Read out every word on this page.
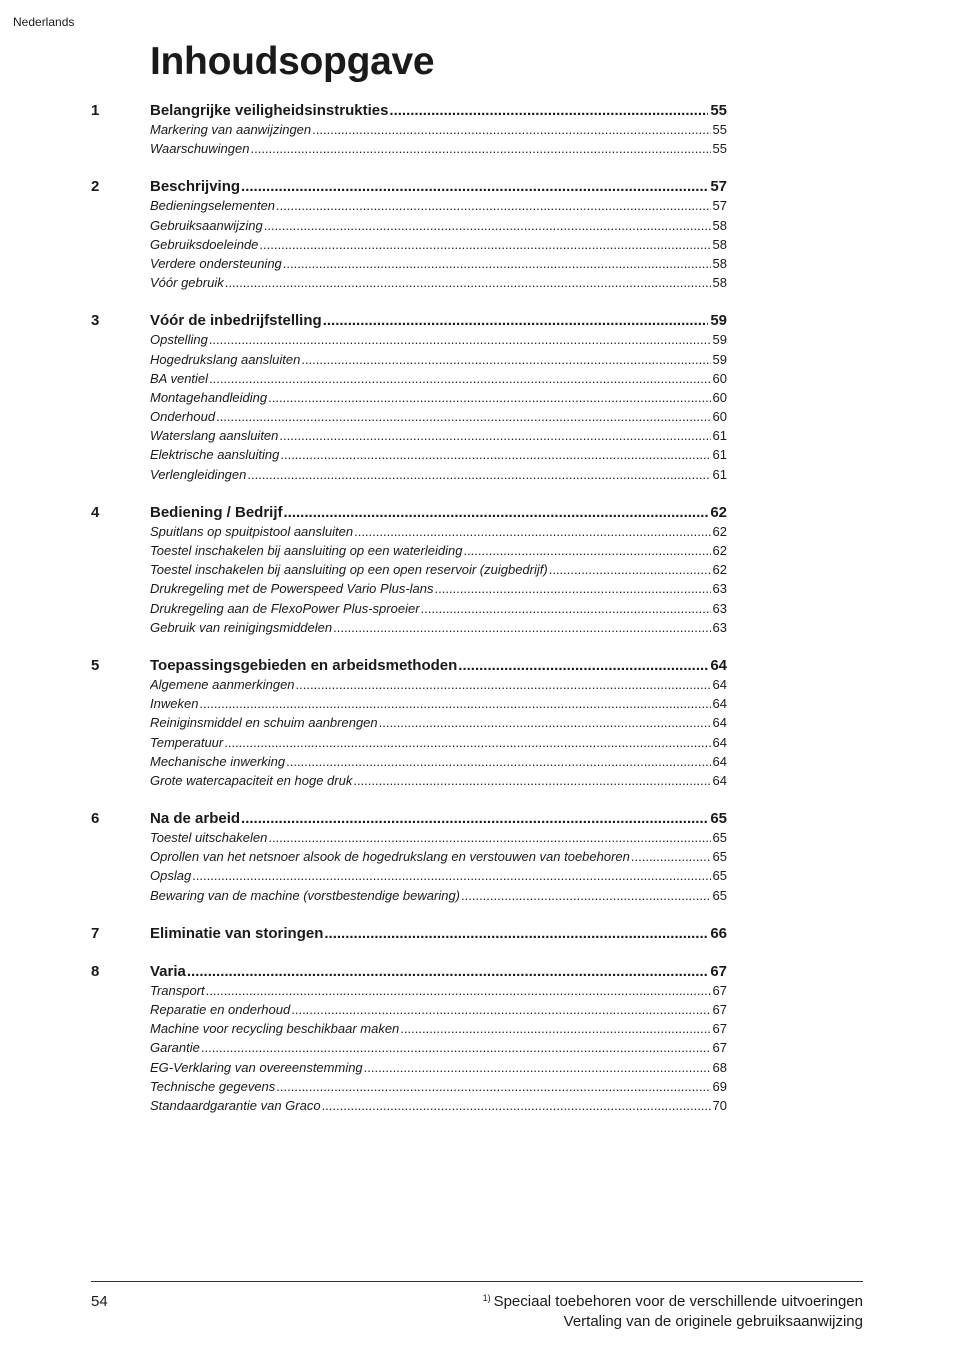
Nederlands
Inhoudsopgave
1	Belangrijke veiligheidsinstrukties .....	55
Markering van aanwijzingen .....	55
Waarschuwingen .....	55
2	Beschrijving .....	57
Bedieningselementen .....	57
Gebruiksaanwijzing .....	58
Gebruiksdoeleinde .....	58
Verdere ondersteuning .....	58
Vóór gebruik .....	58
3	Vóór de inbedrijfstelling .....	59
Opstelling .....	59
Hogedrukslang aansluiten .....	59
BA ventiel .....	60
Montagehandleiding .....	60
Onderhoud .....	60
Waterslang aansluiten .....	61
Elektrische aansluiting .....	61
Verlengleidingen .....	61
4	Bediening / Bedrijf .....	62
Spuitlans op spuitpistool aansluiten .....	62
Toestel inschakelen bij aansluiting op een waterleiding .....	62
Toestel inschakelen bij aansluiting op een open reservoir (zuigbedrijf) .....	62
Drukregeling met de Powerspeed Vario Plus-lans .....	63
Drukregeling aan de FlexoPower Plus-sproeier .....	63
Gebruik van reinigingsmiddelen .....	63
5	Toepassingsgebieden en arbeidsmethoden .....	64
Algemene aanmerkingen .....	64
Inweken .....	64
Reiniginsmiddel en schuim aanbrengen .....	64
Temperatuur .....	64
Mechanische inwerking .....	64
Grote watercapaciteit en hoge druk .....	64
6	Na de arbeid .....	65
Toestel uitschakelen .....	65
Oprollen van het netsnoer alsook de hogedrukslang en verstouwen van toebehoren .....	65
Opslag .....	65
Bewaring van de machine (vorstbestendige bewaring) .....	65
7	Eliminatie van storingen .....	66
8	Varia .....	67
Transport .....	67
Reparatie en onderhoud .....	67
Machine voor recycling beschikbaar maken .....	67
Garantie .....	67
EG-Verklaring van overeenstemming .....	68
Technische gegevens .....	69
Standaardgarantie van Graco .....	70
54	$^{1)}$ Speciaal toebehoren voor de verschillende uitvoeringen
Vertaling van de originele gebruiksaanwijzing
